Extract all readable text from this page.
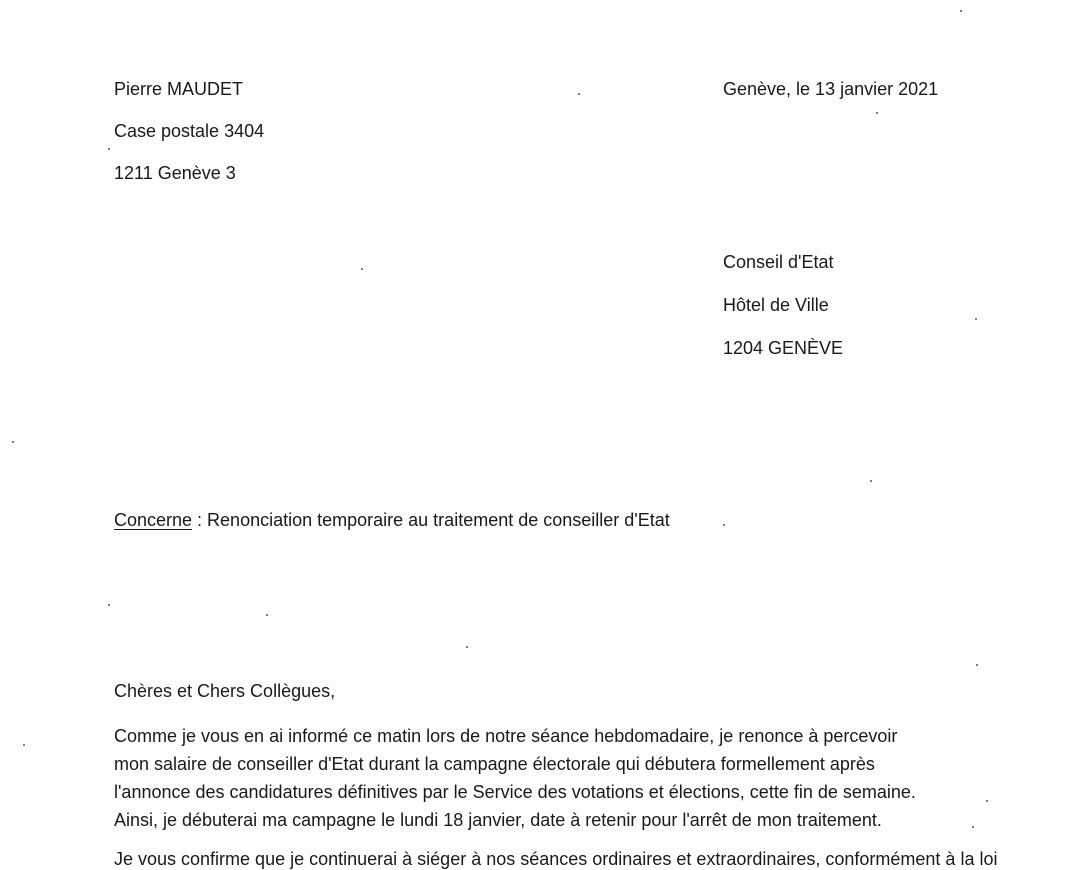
Pierre MAUDET
Case postale 3404
1211 Genève 3
Genève, le 13 janvier 2021
Conseil d'Etat
Hôtel de Ville
1204 GENÈVE
Concerne : Renonciation temporaire au traitement de conseiller d'Etat
Chères et Chers Collègues,
Comme je vous en ai informé ce matin lors de notre séance hebdomadaire, je renonce à percevoir
mon salaire de conseiller d'Etat durant la campagne électorale qui débutera formellement après
l'annonce des candidatures définitives par le Service des votations et élections, cette fin de semaine.
Ainsi, je débuterai ma campagne le lundi 18 janvier, date à retenir pour l'arrêt de mon traitement.
Je vous confirme que je continuerai à siéger à nos séances ordinaires et extraordinaires, conformément à la loi
